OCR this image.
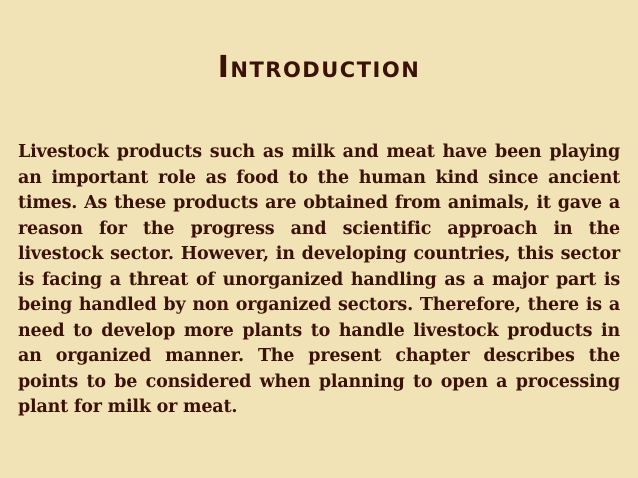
Introduction
Livestock products such as milk and meat have been playing an important role as food to the human kind since ancient times. As these products are obtained from animals, it gave a reason for the progress and scientific approach in the livestock sector. However, in developing countries, this sector is facing a threat of unorganized handling as a major part is being handled by non organized sectors. Therefore, there is a need to develop more plants to handle livestock products in an organized manner. The present chapter describes the points to be considered when planning to open a processing plant for milk or meat.
